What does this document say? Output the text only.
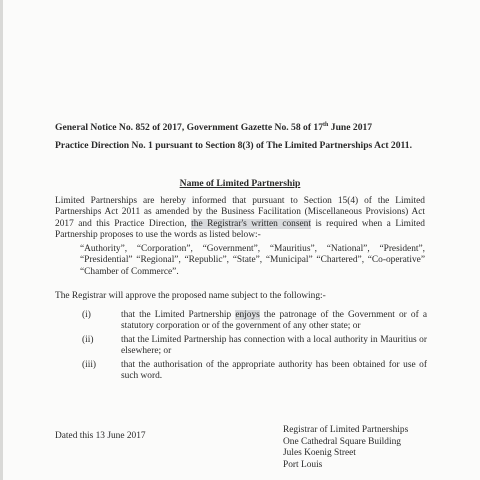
General Notice No. 852 of 2017, Government Gazette No. 58 of 17th June 2017
Practice Direction No. 1 pursuant to Section 8(3) of The Limited Partnerships Act 2011.
Name of Limited Partnership
Limited Partnerships are hereby informed that pursuant to Section 15(4) of the Limited Partnerships Act 2011 as amended by the Business Facilitation (Miscellaneous Provisions) Act 2017 and this Practice Direction, the Registrar's written consent is required when a Limited Partnership proposes to use the words as listed below:-
“Authority”, “Corporation”, “Government”, “Mauritius”, “National”, “President”, “Presidential” “Regional”, “Republic”, “State”, “Municipal” “Chartered”, “Co-operative” “Chamber of Commerce”.
The Registrar will approve the proposed name subject to the following:-
(i)	that the Limited Partnership enjoys the patronage of the Government or of a statutory corporation or of the government of any other state; or
(ii)	that the Limited Partnership has connection with a local authority in Mauritius or elsewhere; or
(iii)	that the authorisation of the appropriate authority has been obtained for use of such word.
Dated this 13 June 2017
Registrar of Limited Partnerships
One Cathedral Square Building
Jules Koenig Street
Port Louis
